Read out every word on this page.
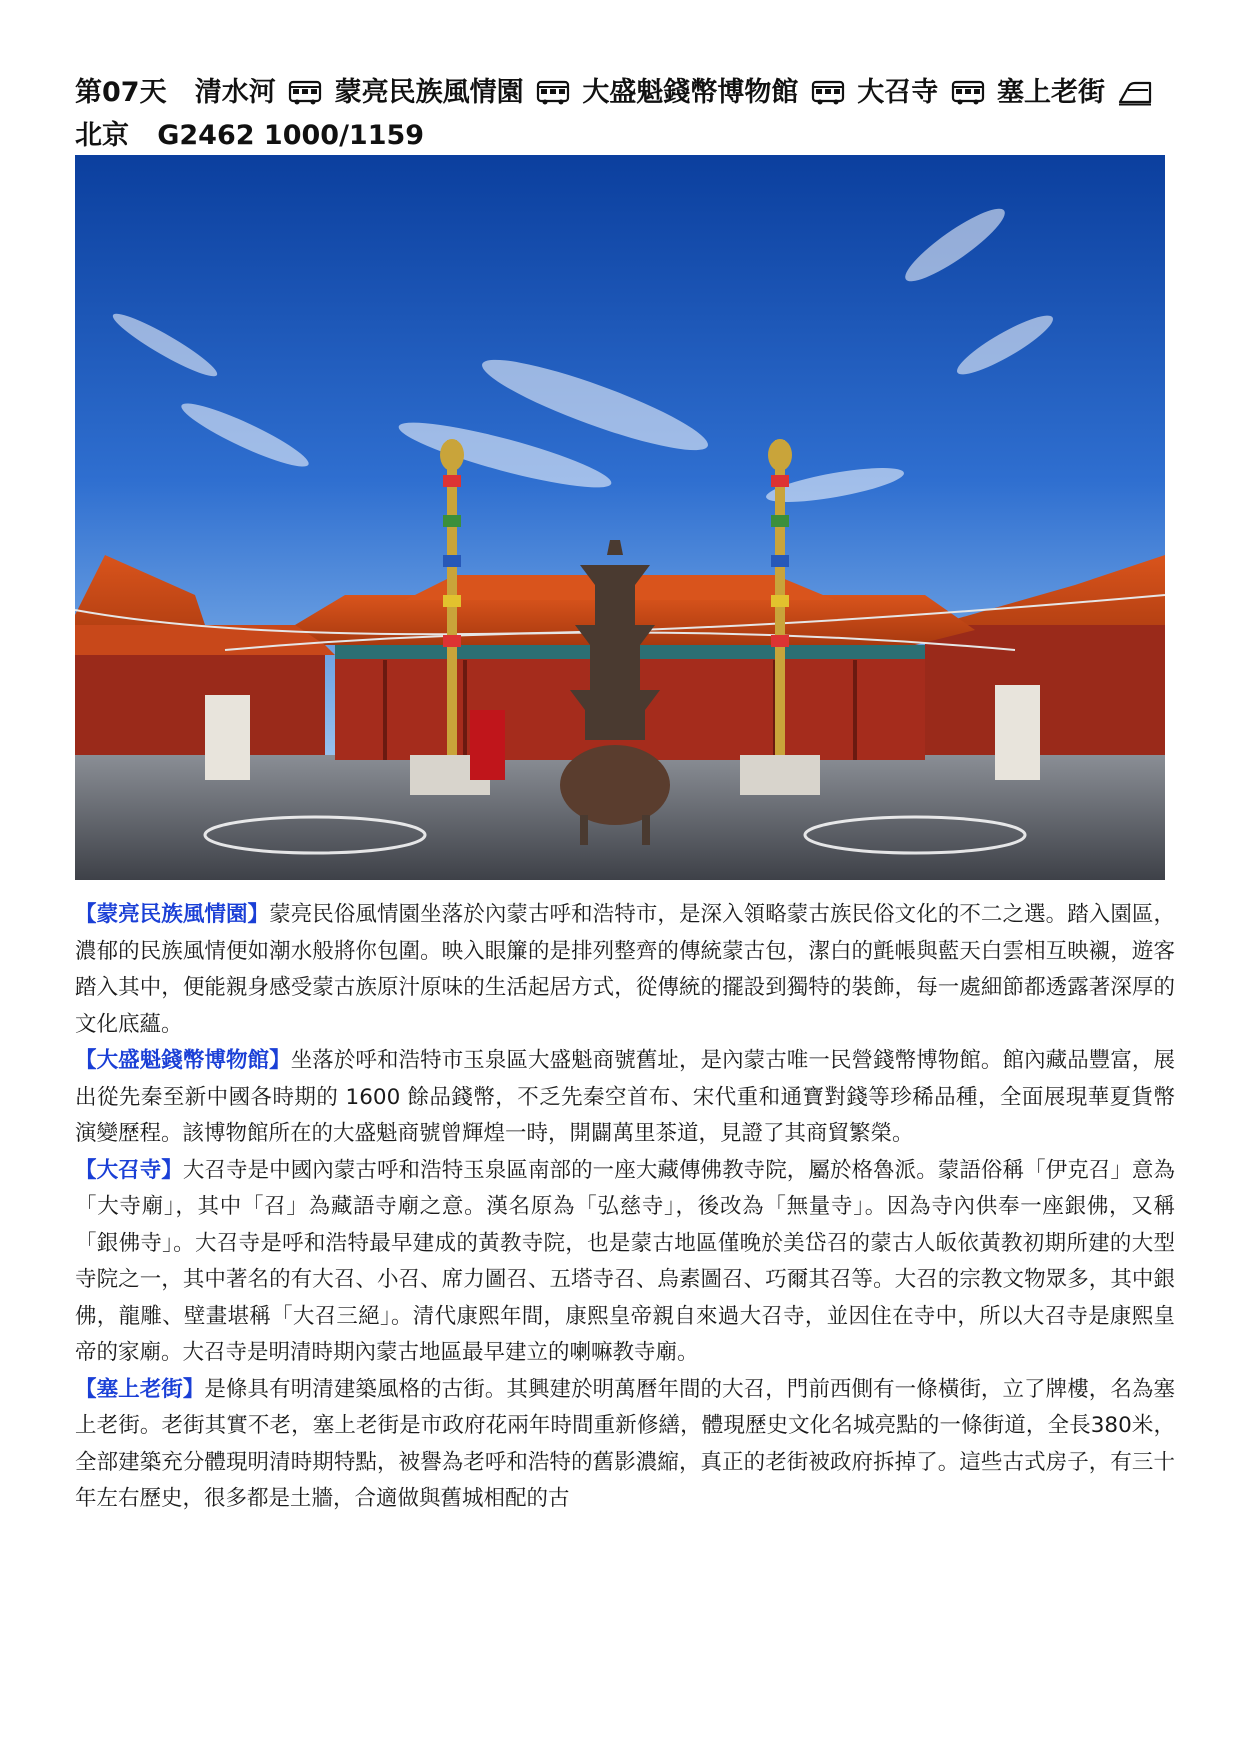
第07天 清水河 蒙亮民族風情園 大盛魁錢幣博物館 大召寺 塞上老街  北京 G2462 1000/1159

【蒙亮民族風情園】蒙亮民俗風情園坐落於內蒙古呼和浩特市，是深入領略蒙古族民俗文化的不二之選。踏入園區，濃郁的民族風情便如潮水般將你包圍。映入眼簾的是排列整齊的傳統蒙古包，潔白的氈帳與藍天白雲相互映襯，遊客踏入其中，便能親身感受蒙古族原汁原味的生活起居方式，從傳統的擺設到獨特的裝飾，每一處細節都透露著深厚的文化底蘊。

【大盛魁錢幣博物館】坐落於呼和浩特市玉泉區大盛魁商號舊址，是內蒙古唯一民營錢幣博物館。館內藏品豐富，展出從先秦至新中國各時期的 1600 餘品錢幣，不乏先秦空首布、宋代重和通寶對錢等珍稀品種，全面展現華夏貨幣演變歷程。該博物館所在的大盛魁商號曾輝煌一時，開闢萬里茶道，見證了其商貿繁榮。

【大召寺】大召寺是中國內蒙古呼和浩特玉泉區南部的一座大藏傳佛教寺院，屬於格魯派。蒙語俗稱「伊克召」意為「大寺廟」，其中「召」為藏語寺廟之意。漢名原為「弘慈寺」，後改為「無量寺」。因為寺內供奉一座銀佛，又稱「銀佛寺」。大召寺是呼和浩特最早建成的黃教寺院，也是蒙古地區僅晚於美岱召的蒙古人皈依黃教初期所建的大型寺院之一，其中著名的有大召、小召、席力圖召、五塔寺召、烏素圖召、巧爾其召等。大召的宗教文物眾多，其中銀佛，龍雕、壁畫堪稱「大召三絕」。清代康熙年間，康熙皇帝親自來過大召寺，並因住在寺中，所以大召寺是康熙皇帝的家廟。大召寺是明清時期內蒙古地區最早建立的喇嘛教寺廟。

【塞上老街】是條具有明清建築風格的古街。其興建於明萬曆年間的大召，門前西側有一條橫街，立了牌樓，名為塞上老街。老街其實不老，塞上老街是市政府花兩年時間重新修繕，體現歷史文化名城亮點的一條街道，全長380米，全部建築充分體現明清時期特點，被譽為老呼和浩特的舊影濃縮，真正的老街被政府拆掉了。這些古式房子，有三十年左右歷史，很多都是土牆，合適做與舊城相配的古
